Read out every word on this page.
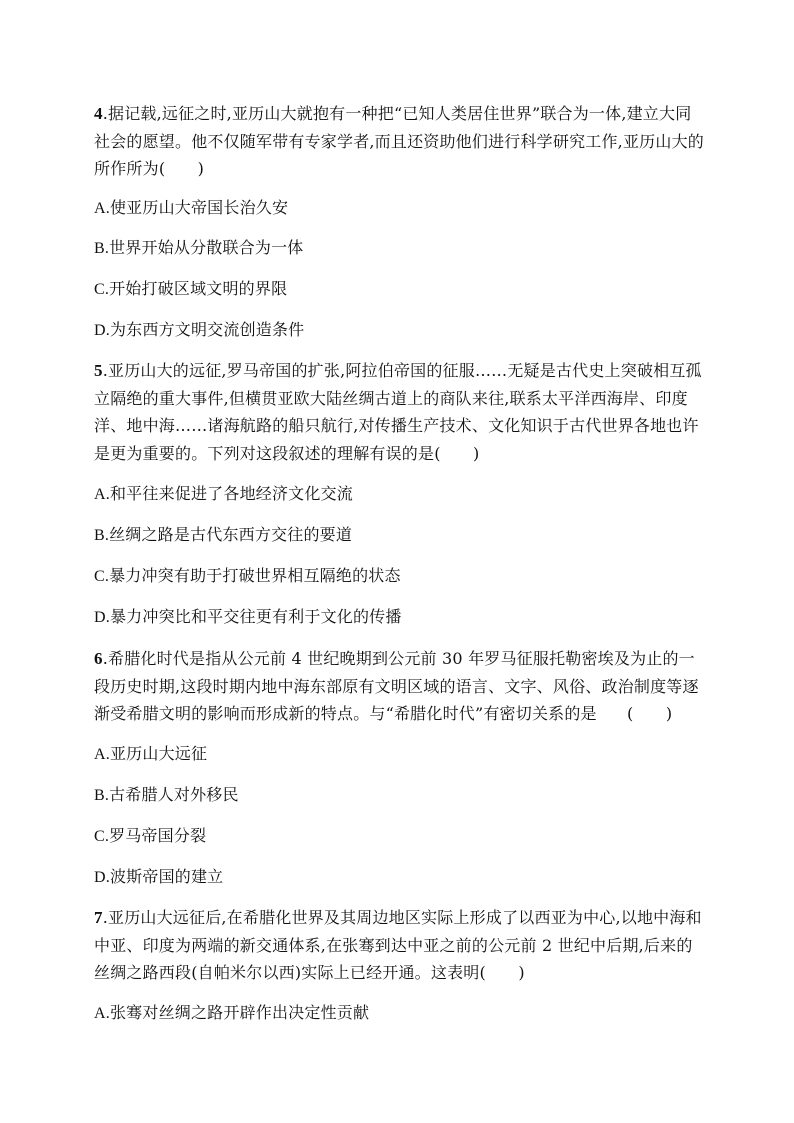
4.据记载,远征之时,亚历山大就抱有一种把“已知人类居住世界”联合为一体,建立大同社会的愿望。他不仅随军带有专家学者,而且还资助他们进行科学研究工作,亚历山大的所作所为(　　)
A.使亚历山大帝国长治久安
B.世界开始从分散联合为一体
C.开始打破区域文明的界限
D.为东西方文明交流创造条件
5.亚历山大的远征,罗马帝国的扩张,阿拉伯帝国的征服……无疑是古代史上突破相互孤立隔绝的重大事件,但横贯亚欧大陆丝绸古道上的商队来往,联系太平洋西海岸、印度洋、地中海……诸海航路的船只航行,对传播生产技术、文化知识于古代世界各地也许是更为重要的。下列对这段叙述的理解有误的是(　　)
A.和平往来促进了各地经济文化交流
B.丝绸之路是古代东西方交往的要道
C.暴力冲突有助于打破世界相互隔绝的状态
D.暴力冲突比和平交往更有利于文化的传播
6.希腊化时代是指从公元前 4 世纪晚期到公元前 30 年罗马征服托勒密埃及为止的一段历史时期,这段时期内地中海东部原有文明区域的语言、文字、风俗、政治制度等逐渐受希腊文明的影响而形成新的特点。与“希腊化时代”有密切关系的是 (　　)
A.亚历山大远征
B.古希腊人对外移民
C.罗马帝国分裂
D.波斯帝国的建立
7.亚历山大远征后,在希腊化世界及其周边地区实际上形成了以西亚为中心,以地中海和中亚、印度为两端的新交通体系,在张骞到达中亚之前的公元前 2 世纪中后期,后来的丝绸之路西段(自帕米尔以西)实际上已经开通。这表明(　　)
A.张骞对丝绸之路开辟作出决定性贡献
